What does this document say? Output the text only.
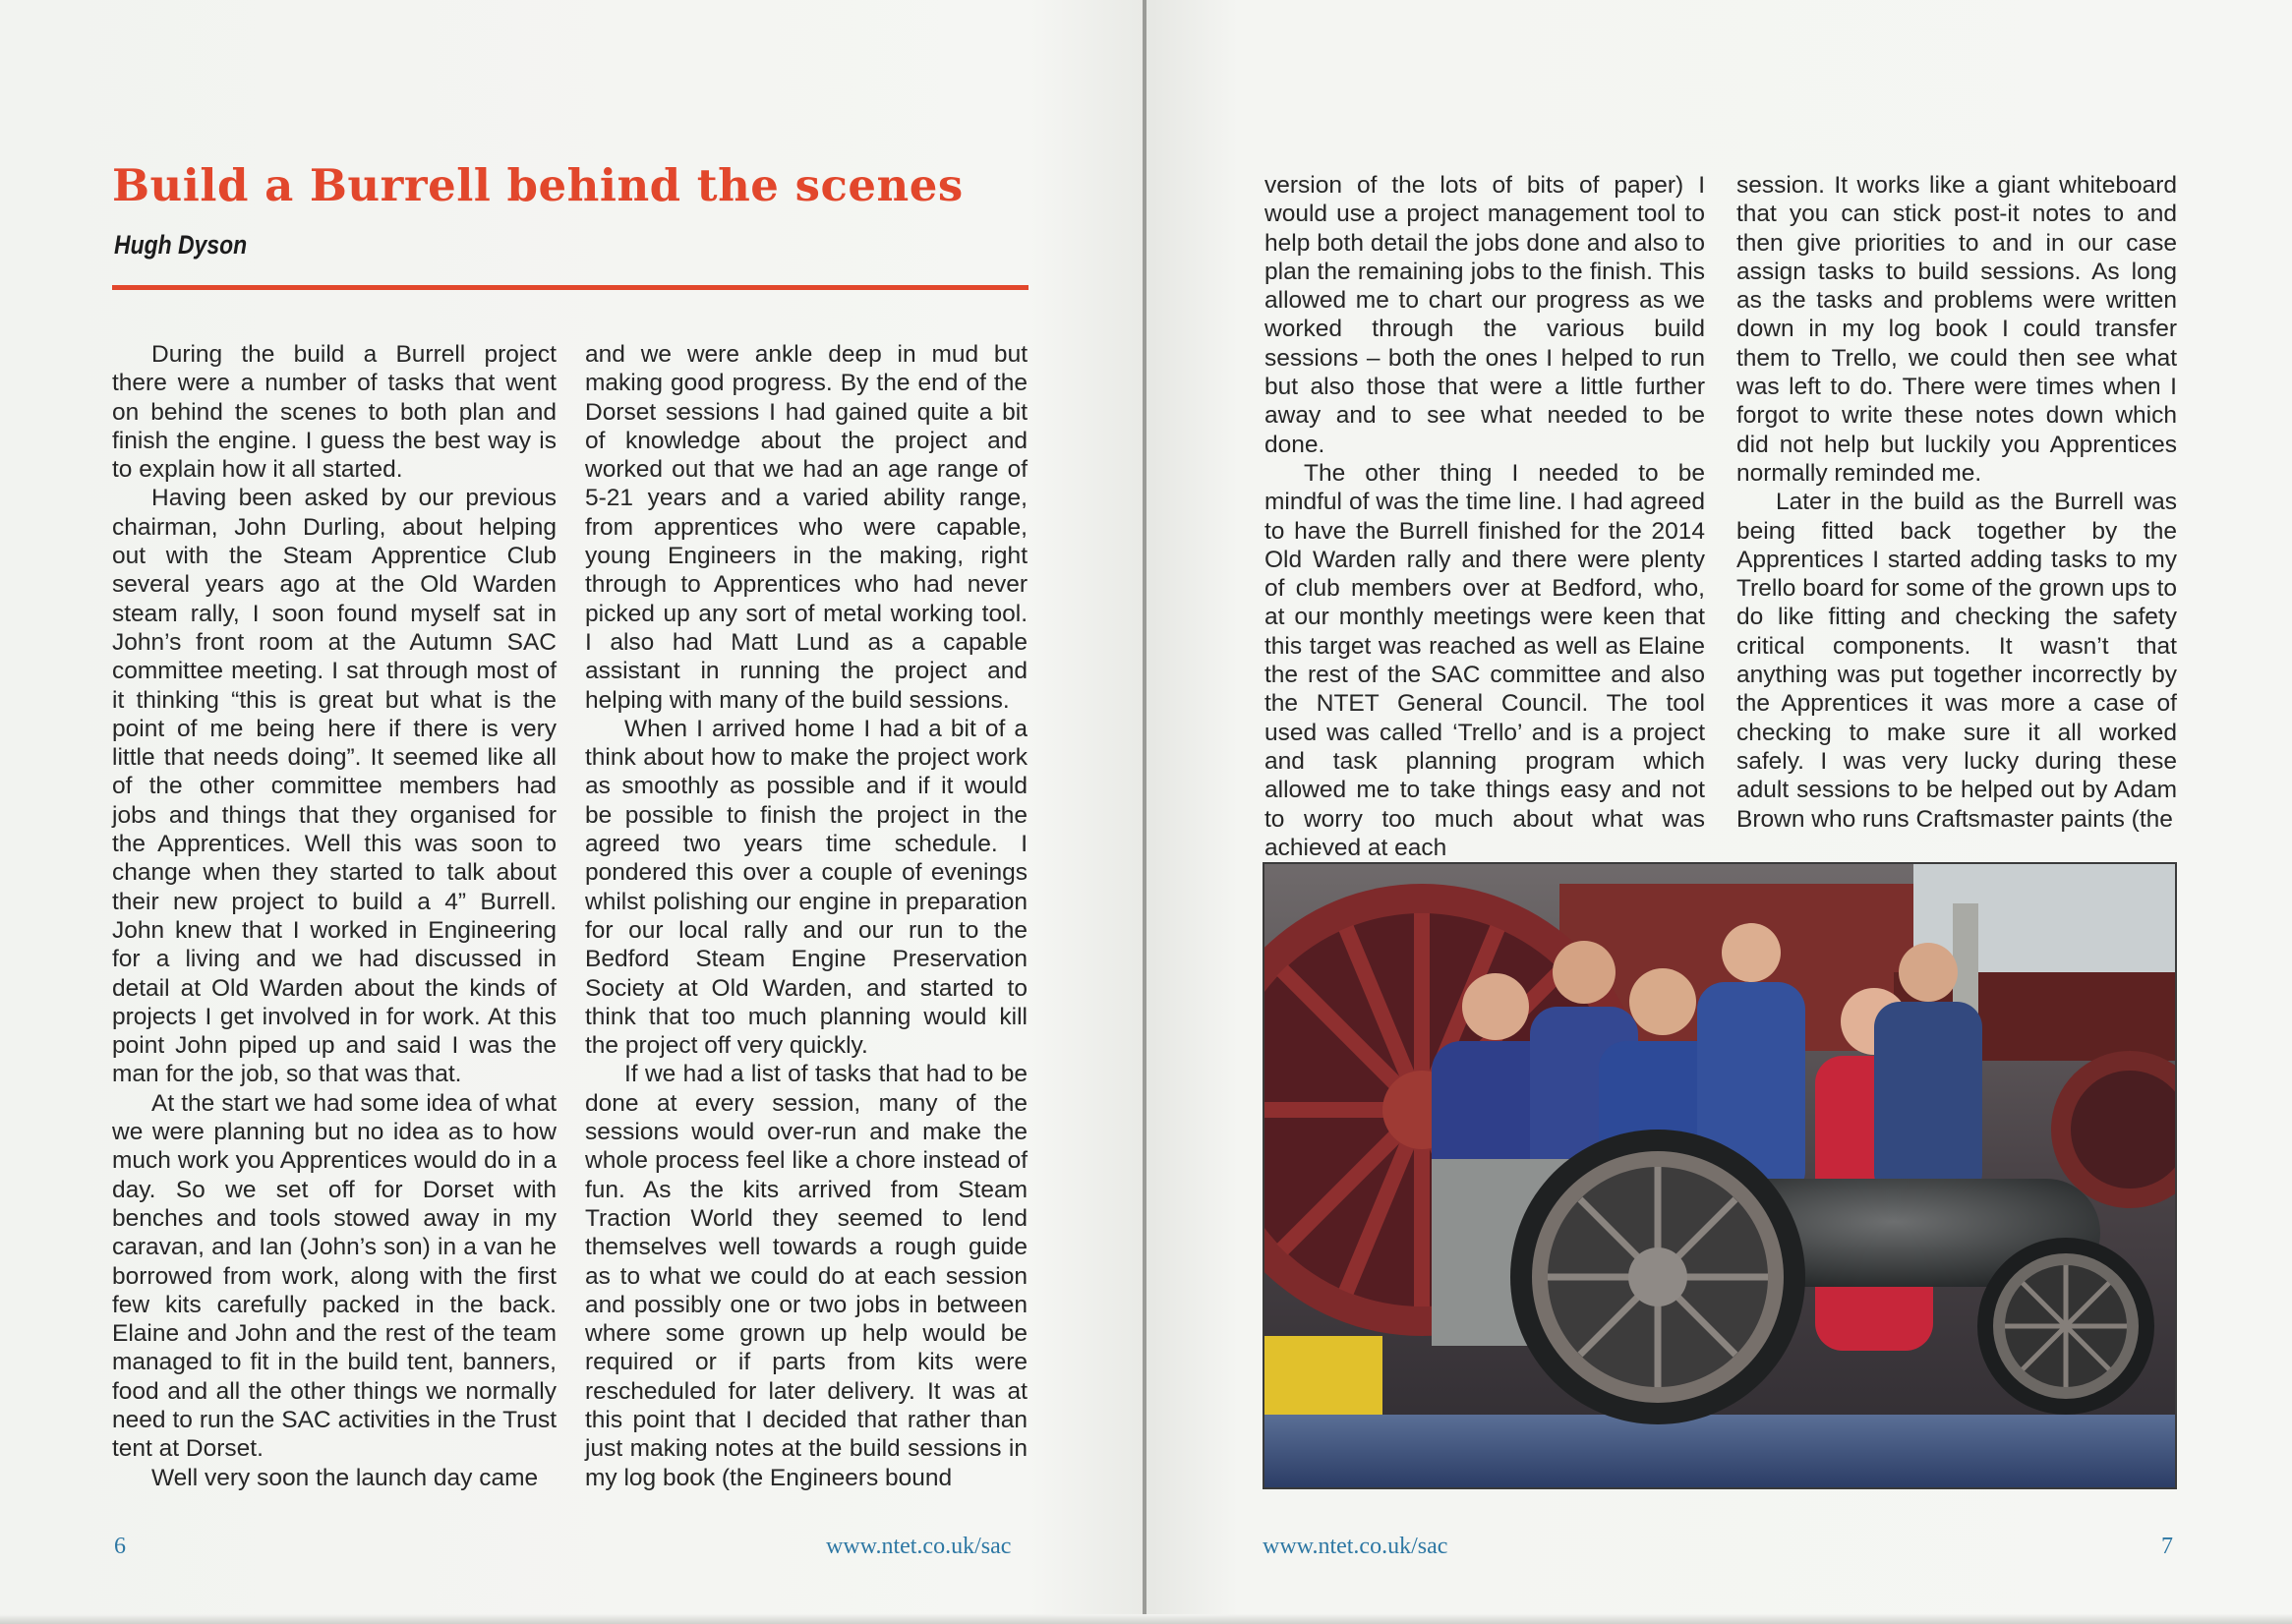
Build a Burrell behind the scenes
Hugh Dyson

During the build a Burrell project there were a number of tasks that went on behind the scenes to both plan and finish the engine. I guess the best way is to explain how it all started.

Having been asked by our previous chairman, John Durling, about helping out with the Steam Apprentice Club several years ago at the Old Warden steam rally, I soon found myself sat in John’s front room at the Autumn SAC committee meeting. I sat through most of it thinking “this is great but what is the point of me being here if there is very little that needs doing”. It seemed like all of the other committee members had jobs and things that they organised for the Apprentices. Well this was soon to change when they started to talk about their new project to build a 4” Burrell. John knew that I worked in Engineering for a living and we had discussed in detail at Old Warden about the kinds of projects I get involved in for work. At this point John piped up and said I was the man for the job, so that was that.

At the start we had some idea of what we were planning but no idea as to how much work you Apprentices would do in a day. So we set off for Dorset with benches and tools stowed away in my caravan, and Ian (John’s son) in a van he borrowed from work, along with the first few kits carefully packed in the back. Elaine and John and the rest of the team managed to fit in the build tent, banners, food and all the other things we normally need to run the SAC activities in the Trust tent at Dorset.

Well very soon the launch day came

and we were ankle deep in mud but making good progress. By the end of the Dorset sessions I had gained quite a bit of knowledge about the project and worked out that we had an age range of 5-21 years and a varied ability range, from apprentices who were capable, young Engineers in the making, right through to Apprentices who had never picked up any sort of metal working tool. I also had Matt Lund as a capable assistant in running the project and helping with many of the build sessions.

When I arrived home I had a bit of a think about how to make the project work as smoothly as possible and if it would be possible to finish the project in the agreed two years time schedule. I pondered this over a couple of evenings whilst polishing our engine in preparation for our local rally and our run to the Bedford Steam Engine Preservation Society at Old Warden, and started to think that too much planning would kill the project off very quickly.

If we had a list of tasks that had to be done at every session, many of the sessions would over-run and make the whole process feel like a chore instead of fun. As the kits arrived from Steam Traction World they seemed to lend themselves well towards a rough guide as to what we could do at each session and possibly one or two jobs in between where some grown up help would be required or if parts from kits were rescheduled for later delivery. It was at this point that I decided that rather than just making notes at the build sessions in my log book (the Engineers bound

6	www.ntet.co.uk/sac

version of the lots of bits of paper) I would use a project management tool to help both detail the jobs done and also to plan the remaining jobs to the finish. This allowed me to chart our progress as we worked through the various build sessions – both the ones I helped to run but also those that were a little further away and to see what needed to be done.

The other thing I needed to be mindful of was the time line. I had agreed to have the Burrell finished for the 2014 Old Warden rally and there were plenty of club members over at Bedford, who, at our monthly meetings were keen that this target was reached as well as Elaine the rest of the SAC committee and also the NTET General Council. The tool used was called ‘Trello’ and is a project and task planning program which allowed me to take things easy and not to worry too much about what was achieved at each

session. It works like a giant whiteboard that you can stick post-it notes to and then give priorities to and in our case assign tasks to build sessions. As long as the tasks and problems were written down in my log book I could transfer them to Trello, we could then see what was left to do. There were times when I forgot to write these notes down which did not help but luckily you Apprentices normally reminded me.

Later in the build as the Burrell was being fitted back together by the Apprentices I started adding tasks to my Trello board for some of the grown ups to do like fitting and checking the safety critical components. It wasn’t that anything was put together incorrectly by the Apprentices it was more a case of checking to make sure it all worked safely. I was very lucky during these adult sessions to be helped out by Adam Brown who runs Craftsmaster paints (the

www.ntet.co.uk/sac	7
